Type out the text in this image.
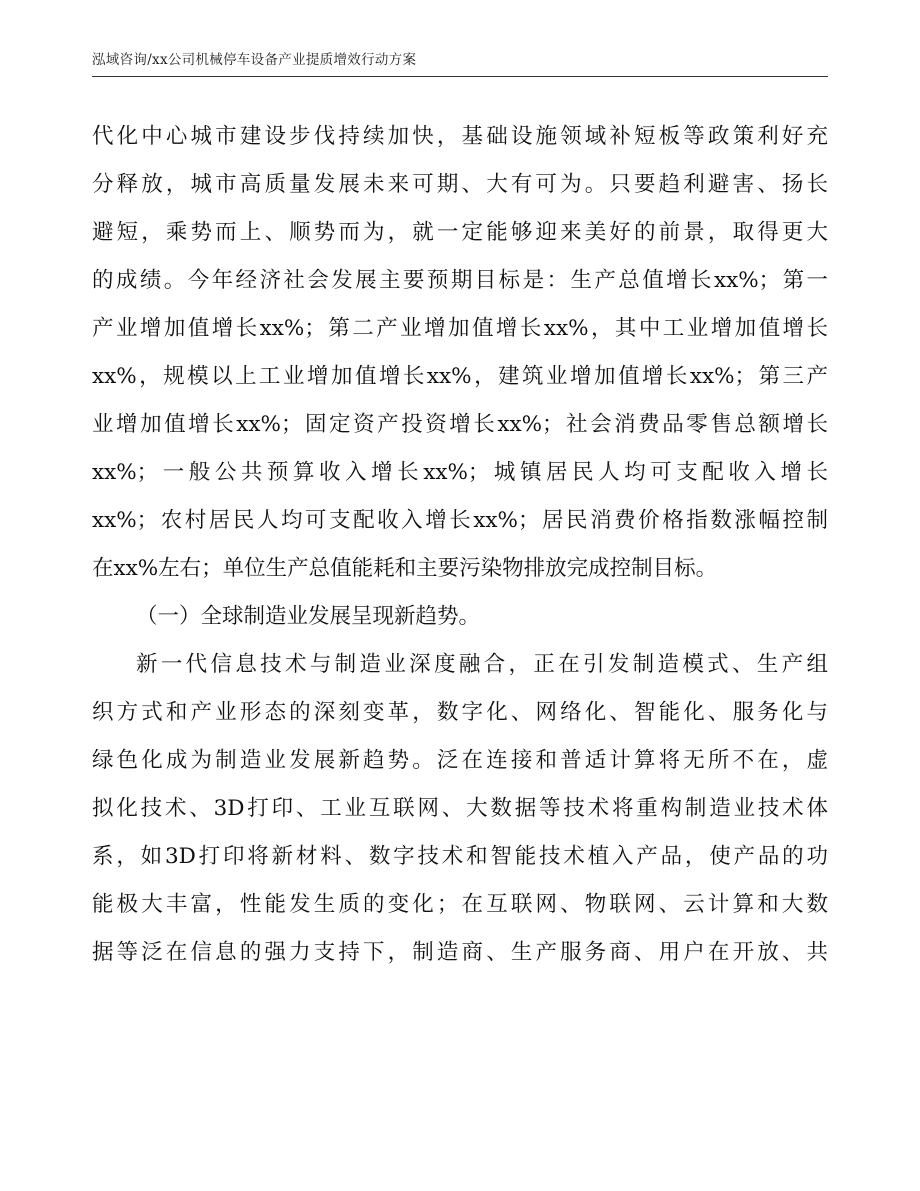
泓域咨询/xx公司机械停车设备产业提质增效行动方案
代化中心城市建设步伐持续加快，基础设施领域补短板等政策利好充
分释放，城市高质量发展未来可期、大有可为。只要趋利避害、扬长
避短，乘势而上、顺势而为，就一定能够迎来美好的前景，取得更大
的成绩。今年经济社会发展主要预期目标是：生产总值增长xx%；第一
产业增加值增长xx%；第二产业增加值增长xx%，其中工业增加值增长
xx%，规模以上工业增加值增长xx%，建筑业增加值增长xx%；第三产
业增加值增长xx%；固定资产投资增长xx%；社会消费品零售总额增长
xx%；一般公共预算收入增长xx%；城镇居民人均可支配收入增长
xx%；农村居民人均可支配收入增长xx%；居民消费价格指数涨幅控制
在xx%左右；单位生产总值能耗和主要污染物排放完成控制目标。
（一）全球制造业发展呈现新趋势。
新一代信息技术与制造业深度融合，正在引发制造模式、生产组
织方式和产业形态的深刻变革，数字化、网络化、智能化、服务化与
绿色化成为制造业发展新趋势。泛在连接和普适计算将无所不在，虚
拟化技术、3D打印、工业互联网、大数据等技术将重构制造业技术体
系，如3D打印将新材料、数字技术和智能技术植入产品，使产品的功
能极大丰富，性能发生质的变化；在互联网、物联网、云计算和大数
据等泛在信息的强力支持下，制造商、生产服务商、用户在开放、共
